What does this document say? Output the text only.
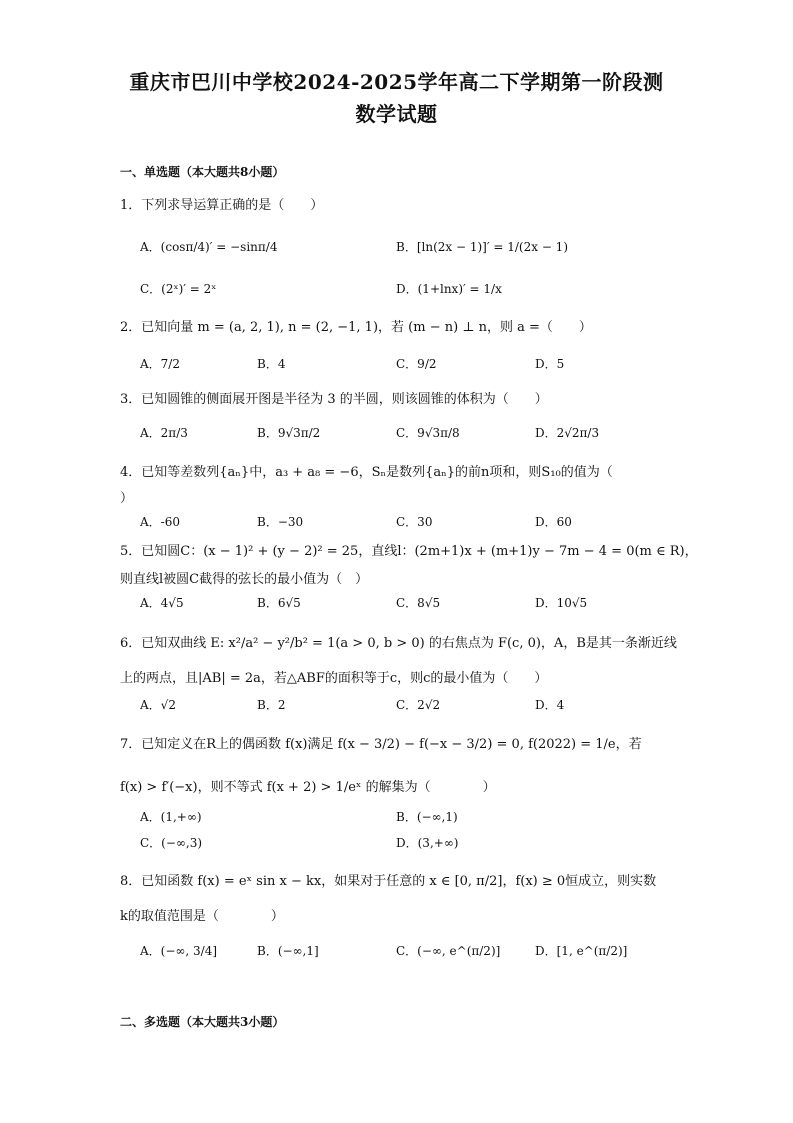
重庆市巴川中学校2024-2025学年高二下学期第一阶段测
数学试题
一、单选题（本大题共8小题）
1．下列求导运算正确的是（　　）
A．(cosπ/4)′ = −sinπ/4	B．[ln(2x − 1)]′ = 1/(2x − 1)
C．(2ˣ)′ = 2ˣ	D．(1+lnx)′ = 1/x
2．已知向量 m = (a, 2, 1), n = (2, −1, 1)，若 (m − n) ⊥ n，则 a =（　　）
A．7/2	B．4	C．9/2	D．5
3．已知圆锥的侧面展开图是半径为 3 的半圆，则该圆锥的体积为（　　）
A．2π/3	B．9√3π/2	C．9√3π/8	D．2√2π/3
4．已知等差数列{aₙ}中，a₃ + a₈ = −6，Sₙ是数列{aₙ}的前n项和，则S₁₀的值为（
）
A．-60	B．−30	C．30	D．60
5．已知圆C：(x − 1)² + (y − 2)² = 25，直线l：(2m+1)x + (m+1)y − 7m − 4 = 0(m ∈ R)，
则直线l被圆C截得的弦长的最小值为（　）
A．4√5	B．6√5	C．8√5	D．10√5
6．已知双曲线 E: x²/a² − y²/b² = 1(a > 0, b > 0) 的右焦点为 F(c, 0)，A，B是其一条渐近线
上的两点，且|AB| = 2a，若△ABF的面积等于c，则c的最小值为（　　）
A．√2	B．2	C．2√2	D．4
7．已知定义在R上的偶函数 f(x)满足 f(x − 3/2) − f(−x − 3/2) = 0, f(2022) = 1/e，若
f(x) > f′(−x)，则不等式 f(x + 2) > 1/eˣ 的解集为（　　　　）
A．(1,+∞)	B．(−∞,1)
C．(−∞,3)	D．(3,+∞)
8．已知函数 f(x) = eˣ sin x − kx，如果对于任意的 x ∈ [0, π/2]，f(x) ≥ 0恒成立，则实数
k的取值范围是（　　　　）
A．(−∞, 3/4]	B．(−∞,1]	C．(−∞, e^(π/2)]	D．[1, e^(π/2)]
二、多选题（本大题共3小题）
